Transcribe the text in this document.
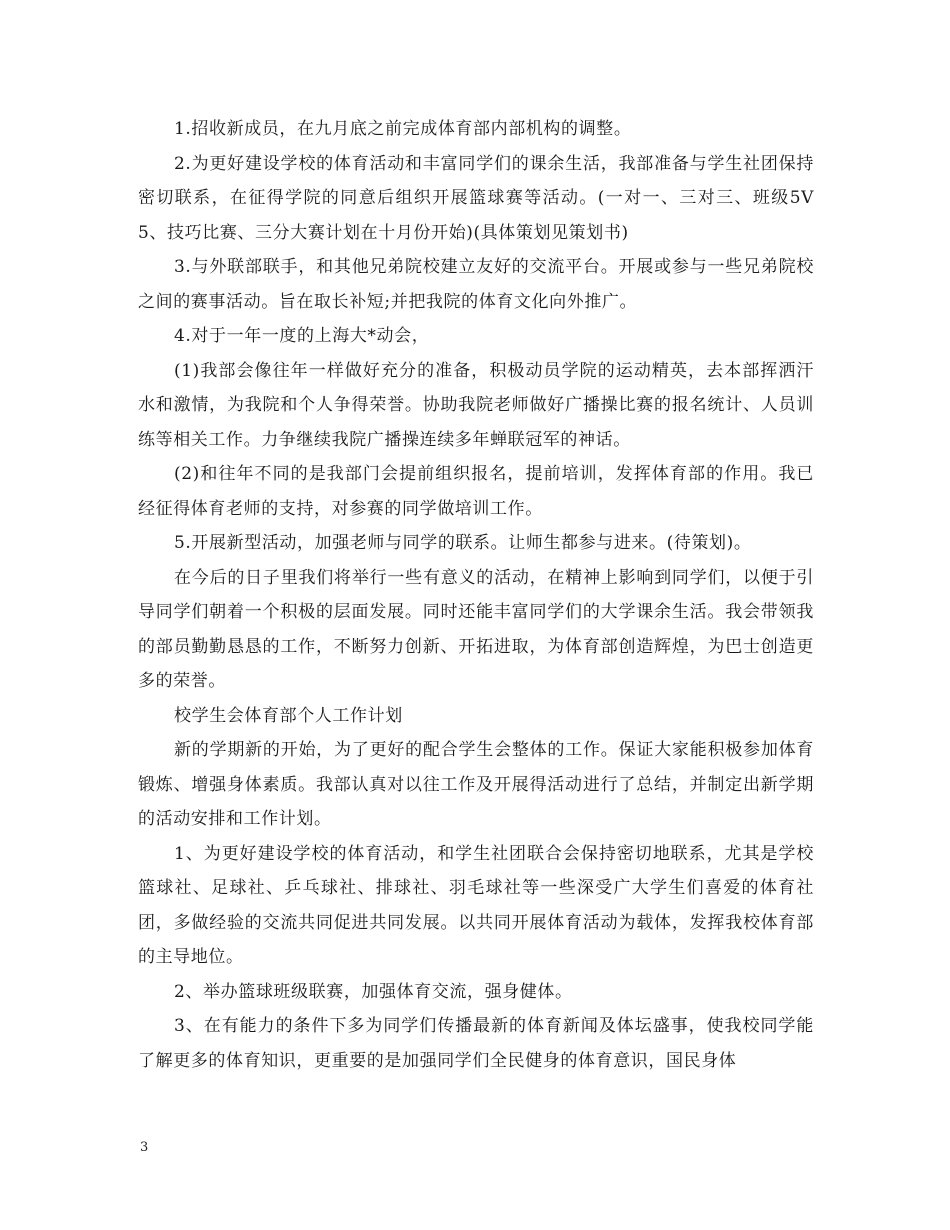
1.招收新成员，在九月底之前完成体育部内部机构的调整。

2.为更好建设学校的体育活动和丰富同学们的课余生活，我部准备与学生社团保持密切联系，在征得学院的同意后组织开展篮球赛等活动。(一对一、三对三、班级5V5、技巧比赛、三分大赛计划在十月份开始)(具体策划见策划书)

3.与外联部联手，和其他兄弟院校建立友好的交流平台。开展或参与一些兄弟院校之间的赛事活动。旨在取长补短;并把我院的体育文化向外推广。

4.对于一年一度的上海大*动会，

(1)我部会像往年一样做好充分的准备，积极动员学院的运动精英，去本部挥洒汗水和激情，为我院和个人争得荣誉。协助我院老师做好广播操比赛的报名统计、人员训练等相关工作。力争继续我院广播操连续多年蝉联冠军的神话。

(2)和往年不同的是我部门会提前组织报名，提前培训，发挥体育部的作用。我已经征得体育老师的支持，对参赛的同学做培训工作。

5.开展新型活动，加强老师与同学的联系。让师生都参与进来。(待策划)。

在今后的日子里我们将举行一些有意义的活动，在精神上影响到同学们，以便于引导同学们朝着一个积极的层面发展。同时还能丰富同学们的大学课余生活。我会带领我的部员勤勤恳恳的工作，不断努力创新、开拓进取，为体育部创造辉煌，为巴士创造更多的荣誉。

校学生会体育部个人工作计划

新的学期新的开始，为了更好的配合学生会整体的工作。保证大家能积极参加体育锻炼、增强身体素质。我部认真对以往工作及开展得活动进行了总结，并制定出新学期的活动安排和工作计划。

1、为更好建设学校的体育活动，和学生社团联合会保持密切地联系，尤其是学校篮球社、足球社、乒乓球社、排球社、羽毛球社等一些深受广大学生们喜爱的体育社团，多做经验的交流共同促进共同发展。以共同开展体育活动为载体，发挥我校体育部的主导地位。

2、举办篮球班级联赛，加强体育交流，强身健体。

3、在有能力的条件下多为同学们传播最新的体育新闻及体坛盛事，使我校同学能了解更多的体育知识，更重要的是加强同学们全民健身的体育意识，国民身体

3
